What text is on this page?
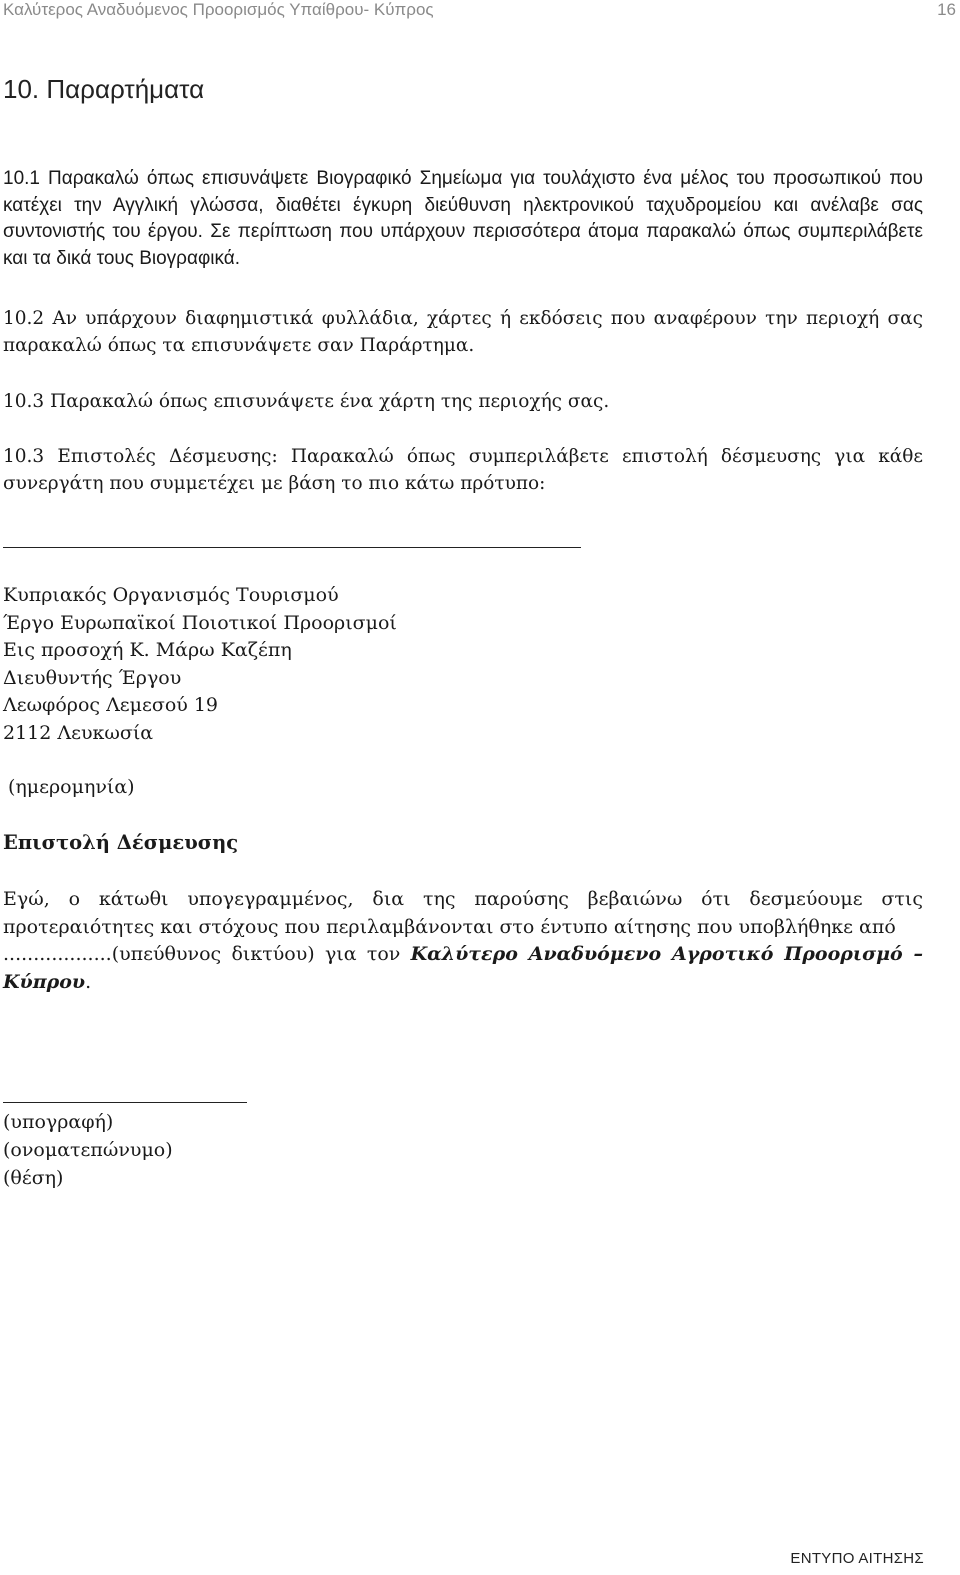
Καλύτερος Αναδυόμενος Προορισμός Υπαίθρου- Κύπρος	16
10. Παραρτήματα
10.1 Παρακαλώ όπως επισυνάψετε Βιογραφικό Σημείωμα για τουλάχιστο ένα μέλος του προσωπικού που κατέχει την Αγγλική γλώσσα, διαθέτει έγκυρη διεύθυνση ηλεκτρονικού ταχυδρομείου και ανέλαβε σας συντονιστής του έργου. Σε περίπτωση που υπάρχουν περισσότερα άτομα παρακαλώ όπως συμπεριλάβετε και τα δικά τους Βιογραφικά.
10.2 Αν υπάρχουν διαφημιστικά φυλλάδια, χάρτες ή εκδόσεις που αναφέρουν την περιοχή σας παρακαλώ όπως τα επισυνάψετε σαν Παράρτημα.
10.3 Παρακαλώ όπως επισυνάψετε ένα χάρτη της περιοχής σας.
10.3 Επιστολές Δέσμευσης: Παρακαλώ όπως συμπεριλάβετε επιστολή δέσμευσης για κάθε συνεργάτη που συμμετέχει με βάση το πιο κάτω πρότυπο:
Κυπριακός Οργανισμός Τουρισμού
Έργο Ευρωπαϊκοί Ποιοτικοί Προορισμοί
Εις προσοχή Κ. Μάρω Καζέπη
Διευθυντής Έργου
Λεωφόρος Λεμεσού 19
2112 Λευκωσία
(ημερομηνία)
Επιστολή Δέσμευσης
Εγώ, ο κάτωθι υπογεγραμμένος, δια της παρούσης βεβαιώνω ότι δεσμεύουμε στις
προτεραιότητες και στόχους που περιλαμβάνονται στο έντυπο αίτησης που υποβλήθηκε από
..................(υπεύθυνος δικτύου) για τον Καλύτερο Αναδυόμενο Αγροτικό Προορισμό –
Κύπρου.
(υπογραφή)
(ονοματεπώνυμο)
(θέση)
ΕΝΤΥΠΟ ΑΙΤΗΣΗΣ
